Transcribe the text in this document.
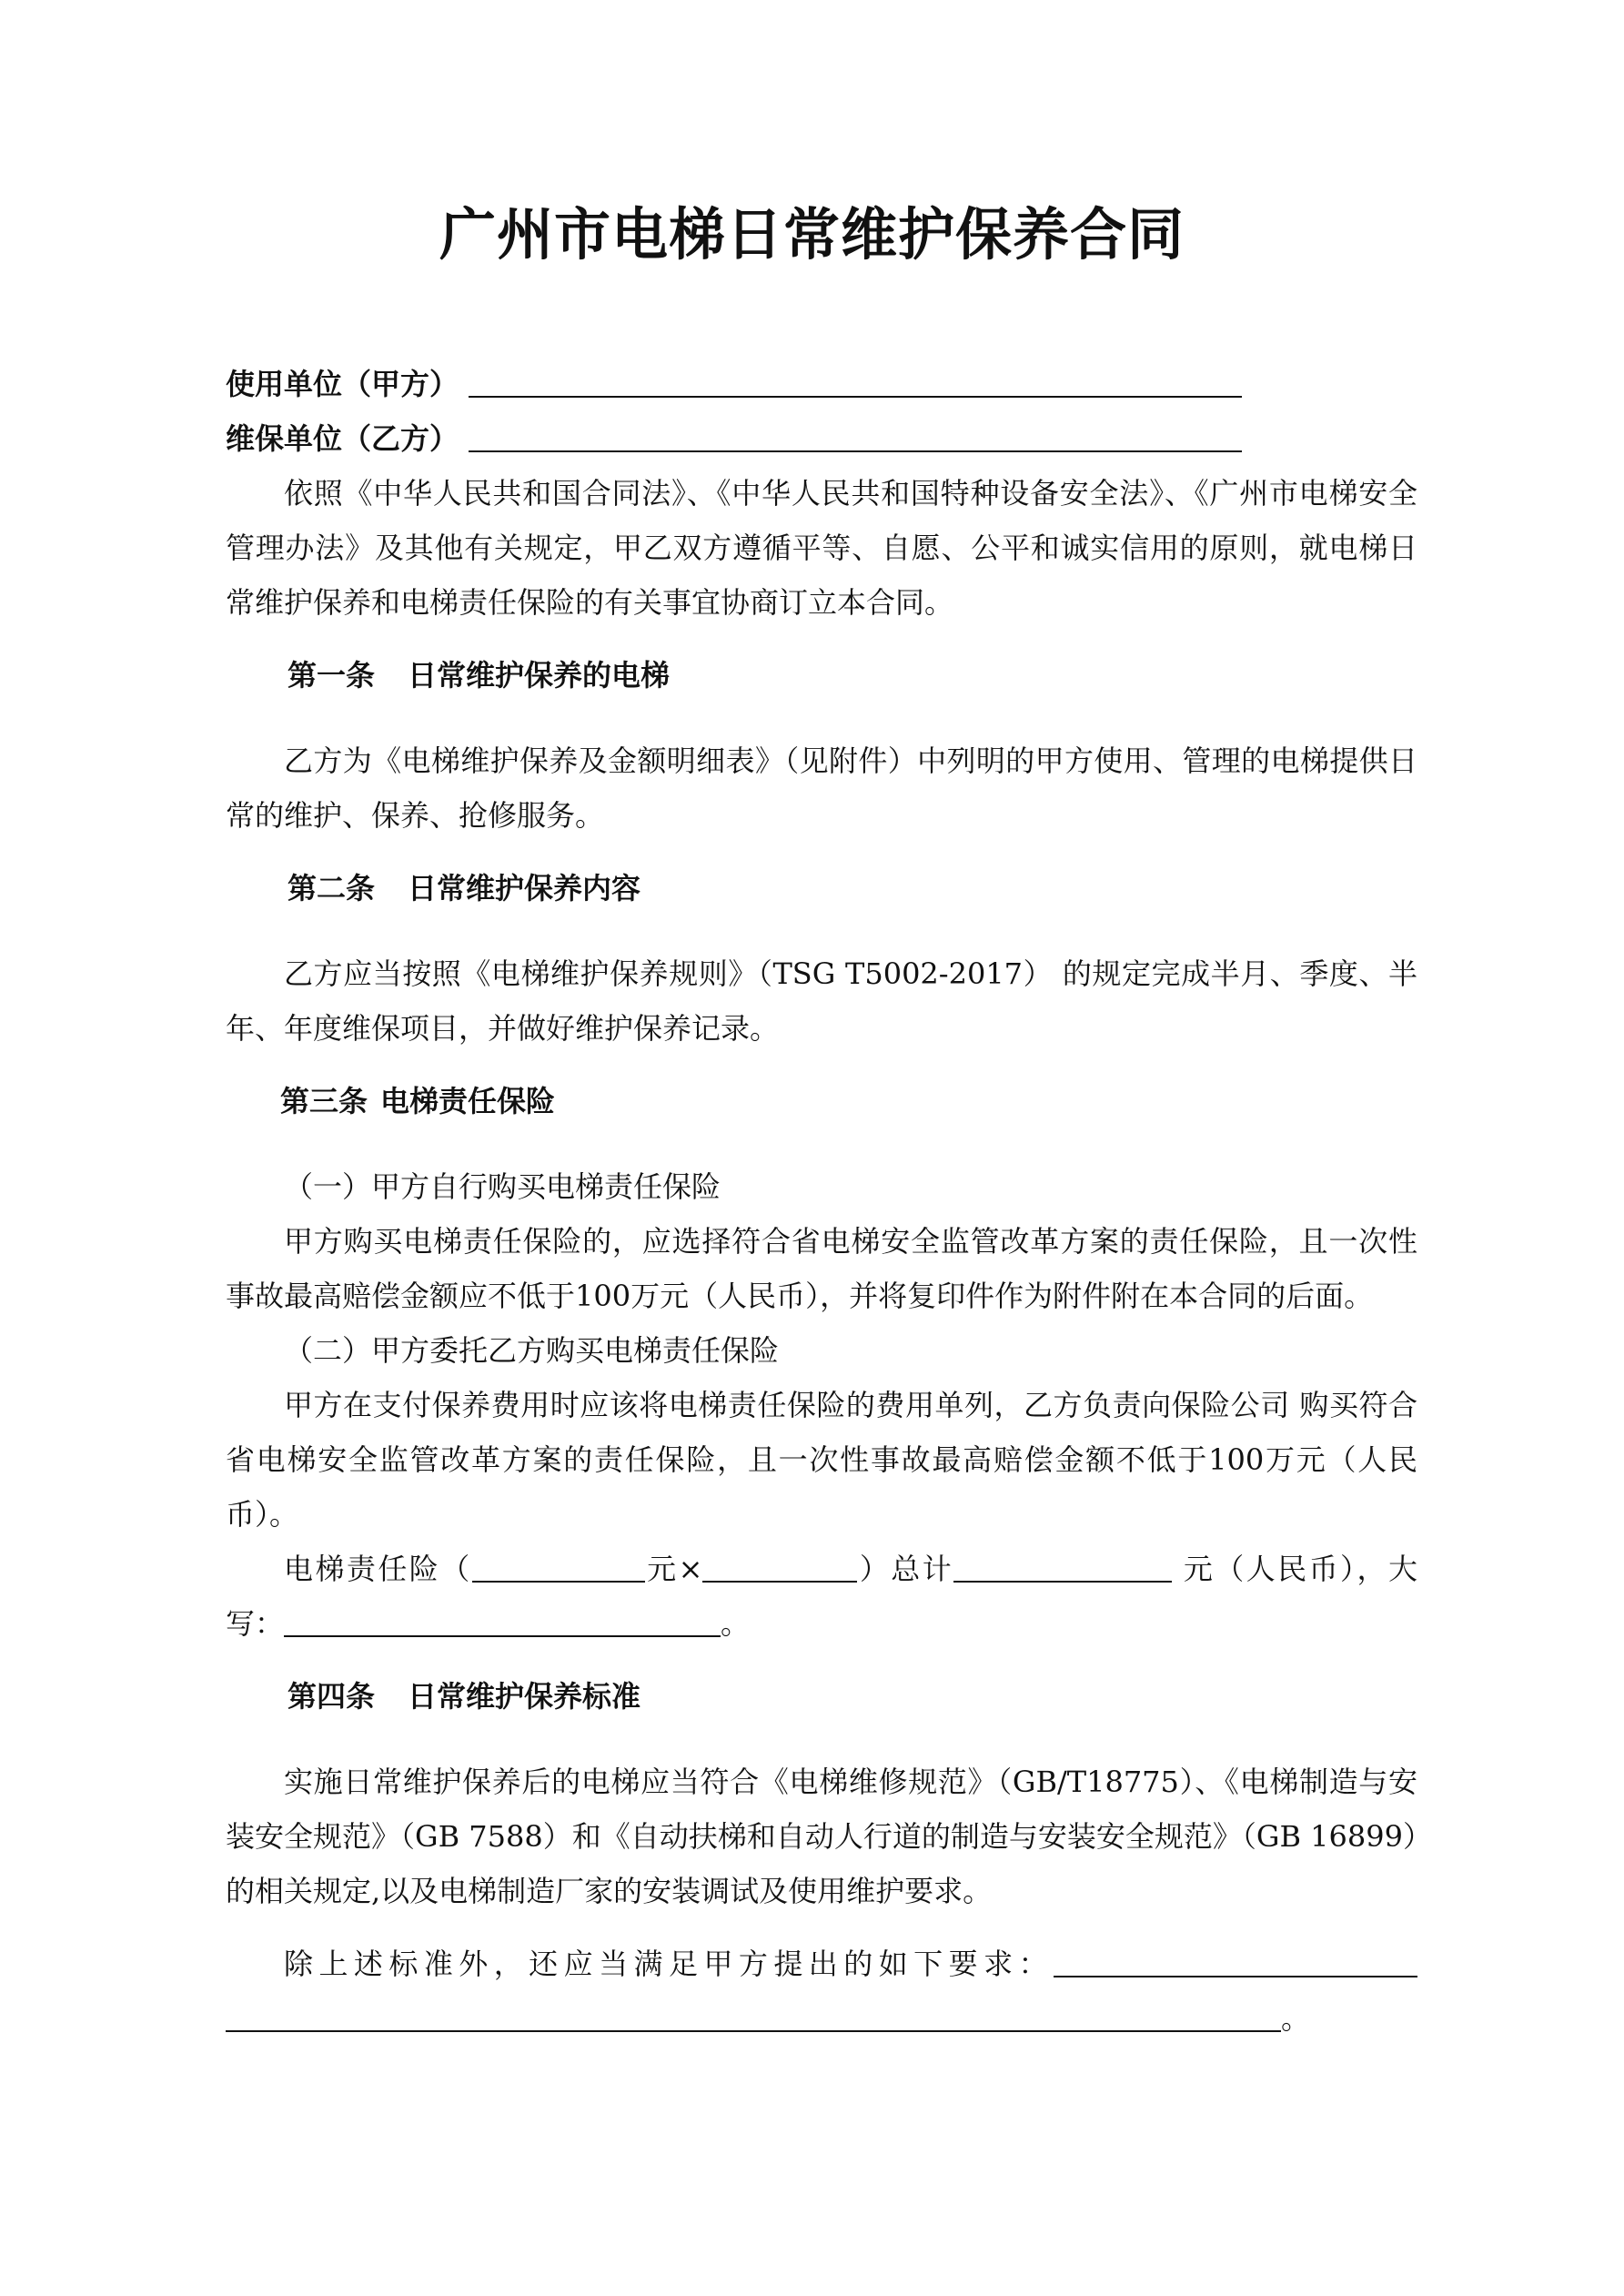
广州市电梯日常维护保养合同

使用单位（甲方）

维保单位（乙方）

依照《中华人民共和国合同法》、《中华人民共和国特种设备安全法》、《广州市电梯安全管理办法》及其他有关规定，甲乙双方遵循平等、自愿、公平和诚实信用的原则，就电梯日常维护保养和电梯责任保险的有关事宜协商订立本合同。

第一条 日常维护保养的电梯

乙方为《电梯维护保养及金额明细表》（见附件）中列明的甲方使用、管理的电梯提供日常的维护、保养、抢修服务。

第二条 日常维护保养内容

乙方应当按照《电梯维护保养规则》（TSG T5002-2017） 的规定完成半月、季度、半年、年度维保项目，并做好维护保养记录。

第三条 电梯责任保险

（一）甲方自行购买电梯责任保险

甲方购买电梯责任保险的，应选择符合省电梯安全监管改革方案的责任保险，且一次性事故最高赔偿金额应不低于100万元（人民币），并将复印件作为附件附在本合同的后面。

（二）甲方委托乙方购买电梯责任保险

甲方在支付保养费用时应该将电梯责任保险的费用单列，乙方负责向保险公司 购买符合省电梯安全监管改革方案的责任保险，且一次性事故最高赔偿金额不低于100万元（人民币）。

电梯责任险（	元×	）总计	元（人民币），大写：	。

第四条 日常维护保养标准

实施日常维护保养后的电梯应当符合《电梯维修规范》（GB/T18775）、《电梯制造与安装安全规范》（GB 7588）和《自动扶梯和自动人行道的制造与安装安全规范》（GB 16899）的相关规定,以及电梯制造厂家的安装调试及使用维护要求。

除上述标准外，还应当满足甲方提出的如下要求：。
